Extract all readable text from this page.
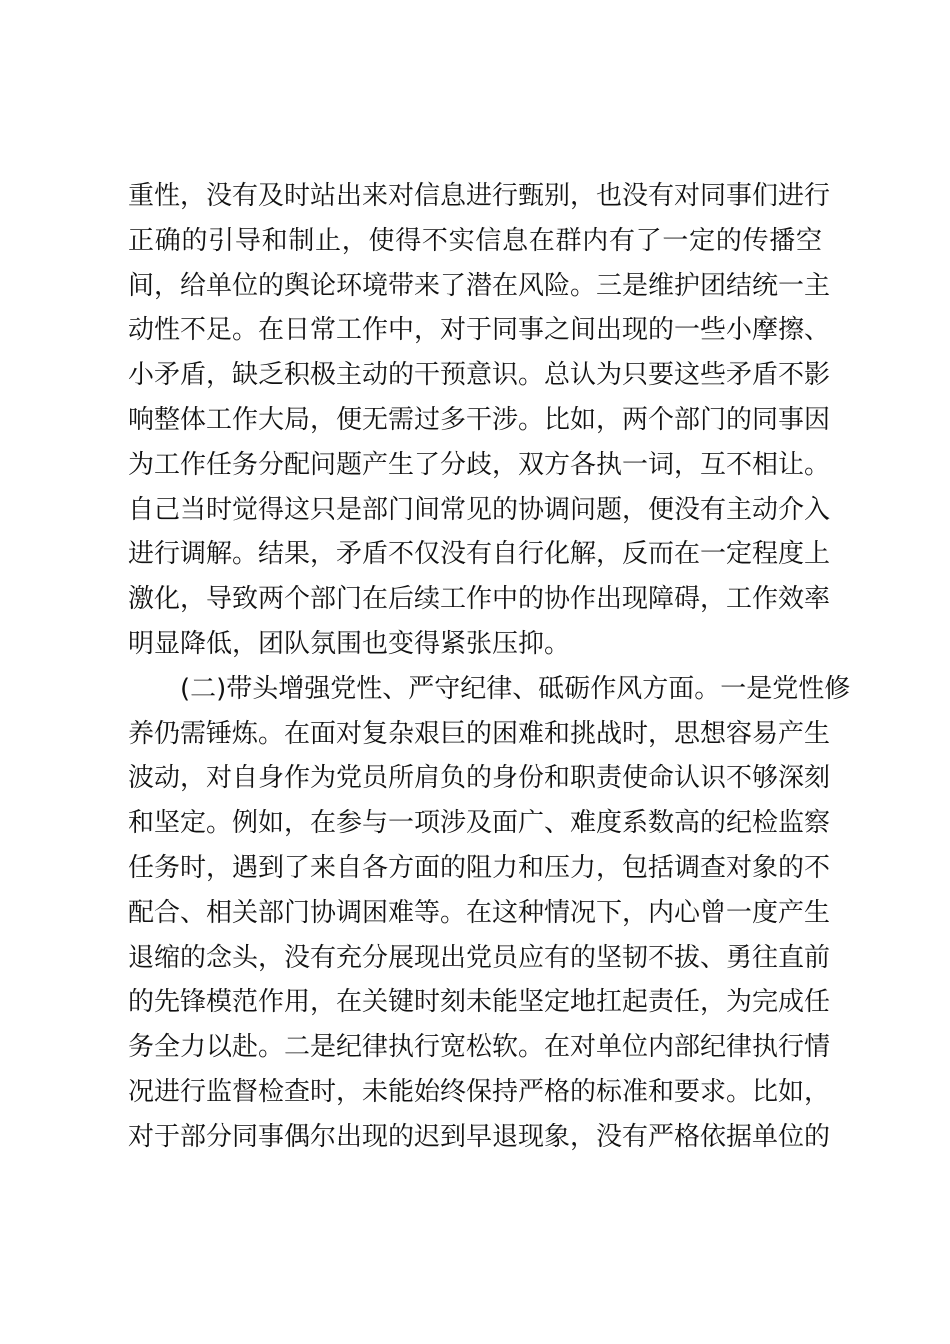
重性，没有及时站出来对信息进行甄别，也没有对同事们进行
正确的引导和制止，使得不实信息在群内有了一定的传播空
间，给单位的舆论环境带来了潜在风险。三是维护团结统一主
动性不足。在日常工作中，对于同事之间出现的一些小摩擦、
小矛盾，缺乏积极主动的干预意识。总认为只要这些矛盾不影
响整体工作大局，便无需过多干涉。比如，两个部门的同事因
为工作任务分配问题产生了分歧，双方各执一词，互不相让。
自己当时觉得这只是部门间常见的协调问题，便没有主动介入
进行调解。结果，矛盾不仅没有自行化解，反而在一定程度上
激化，导致两个部门在后续工作中的协作出现障碍，工作效率
明显降低，团队氛围也变得紧张压抑。
(二)带头增强党性、严守纪律、砥砺作风方面。一是党性修
养仍需锤炼。在面对复杂艰巨的困难和挑战时，思想容易产生
波动，对自身作为党员所肩负的身份和职责使命认识不够深刻
和坚定。例如，在参与一项涉及面广、难度系数高的纪检监察
任务时，遇到了来自各方面的阻力和压力，包括调查对象的不
配合、相关部门协调困难等。在这种情况下，内心曾一度产生
退缩的念头，没有充分展现出党员应有的坚韧不拔、勇往直前
的先锋模范作用，在关键时刻未能坚定地扛起责任，为完成任
务全力以赴。二是纪律执行宽松软。在对单位内部纪律执行情
况进行监督检查时，未能始终保持严格的标准和要求。比如，
对于部分同事偶尔出现的迟到早退现象，没有严格依据单位的
